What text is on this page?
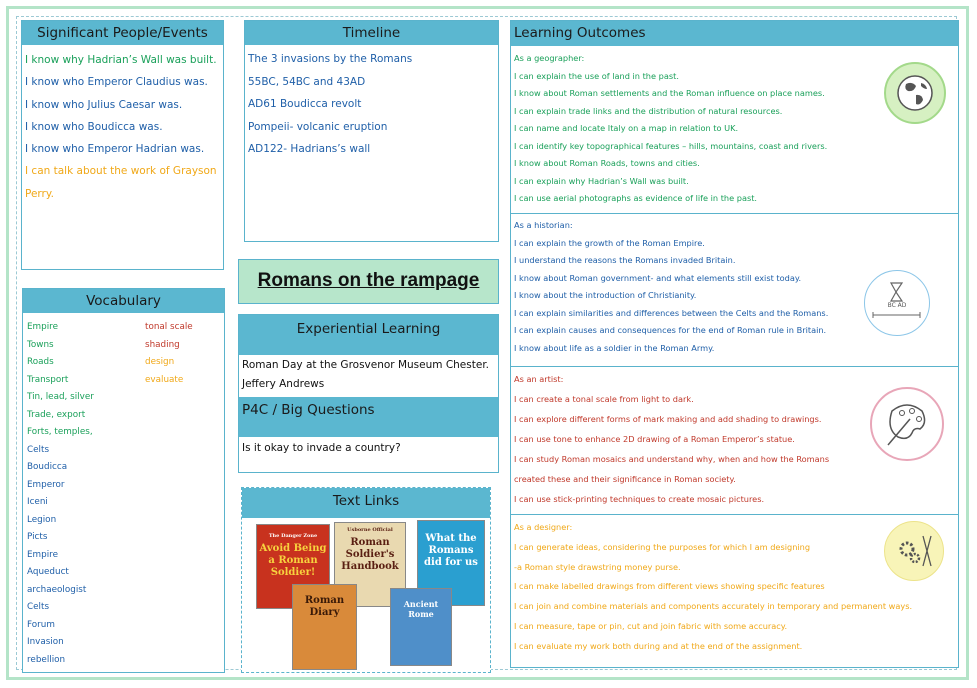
Significant People/Events
I know why Hadrian’s Wall was built.
I know who Emperor Claudius was.
I know who Julius Caesar was.
I know who Boudicca was.
I know who Emperor Hadrian was.
I can talk about the work of Grayson
Perry.
Timeline
The 3 invasions by the Romans
55BC, 54BC and 43AD
AD61 Boudicca revolt
Pompeii- volcanic eruption
AD122- Hadrians’s wall
Romans on the rampage
Experiential Learning
Roman Day at the Grosvenor Museum Chester.
Jeffery Andrews
P4C / Big Questions
Is it okay to invade a country?
Text Links
The Danger Zone
Avoid Being a Roman Soldier!
Usborne Official
Roman Soldier's Handbook
What the Romans did for us
Roman Diary
Ancient Rome
Vocabulary
Empire
Towns
Roads
Transport
Tin, lead, silver
Trade, export
Forts, temples,
Celts
Boudicca
Emperor
Iceni
Legion
Picts
Empire
Aqueduct
archaeologist
Celts
Forum
Invasion
rebellion
tonal scale
shading
design
evaluate
Learning Outcomes
As a geographer:
I can explain the use of land in the past.
I know about Roman settlements and the Roman influence on place names.
I can explain trade links and the distribution of natural resources.
I can name and locate Italy on a map in relation to UK.
I can identify key topographical features – hills, mountains, coast and rivers.
I know about Roman Roads, towns and cities.
I can explain why Hadrian’s Wall was built.
I can use aerial photographs as evidence of life in the past.
As a historian:
I can explain the growth of the Roman Empire.
I understand the reasons the Romans invaded Britain.
I know about Roman government- and what elements still exist today.
I know about the introduction of Christianity.
I can explain similarities and differences between the Celts and the Romans.
I can explain causes and consequences for the end of Roman rule in Britain.
I know about life as a soldier in the Roman Army.
BC AD
As an artist:
I can create a tonal scale from light to dark.
I can explore different forms of mark making and add shading to drawings.
I can use tone to enhance 2D drawing of a Roman Emperor’s statue.
I can study Roman mosaics and understand why, when and how the Romans
created these and their significance in Roman society.
I can use stick-printing techniques to create mosaic pictures.
As a designer:
I can generate ideas, considering the purposes for which I am designing
-a Roman style drawstring money purse.
I can make labelled drawings from different views showing specific features
I can join and combine materials and components accurately in temporary and permanent ways.
I can measure, tape or pin, cut and join fabric with some accuracy.
I can evaluate my work both during and at the end of the assignment.
